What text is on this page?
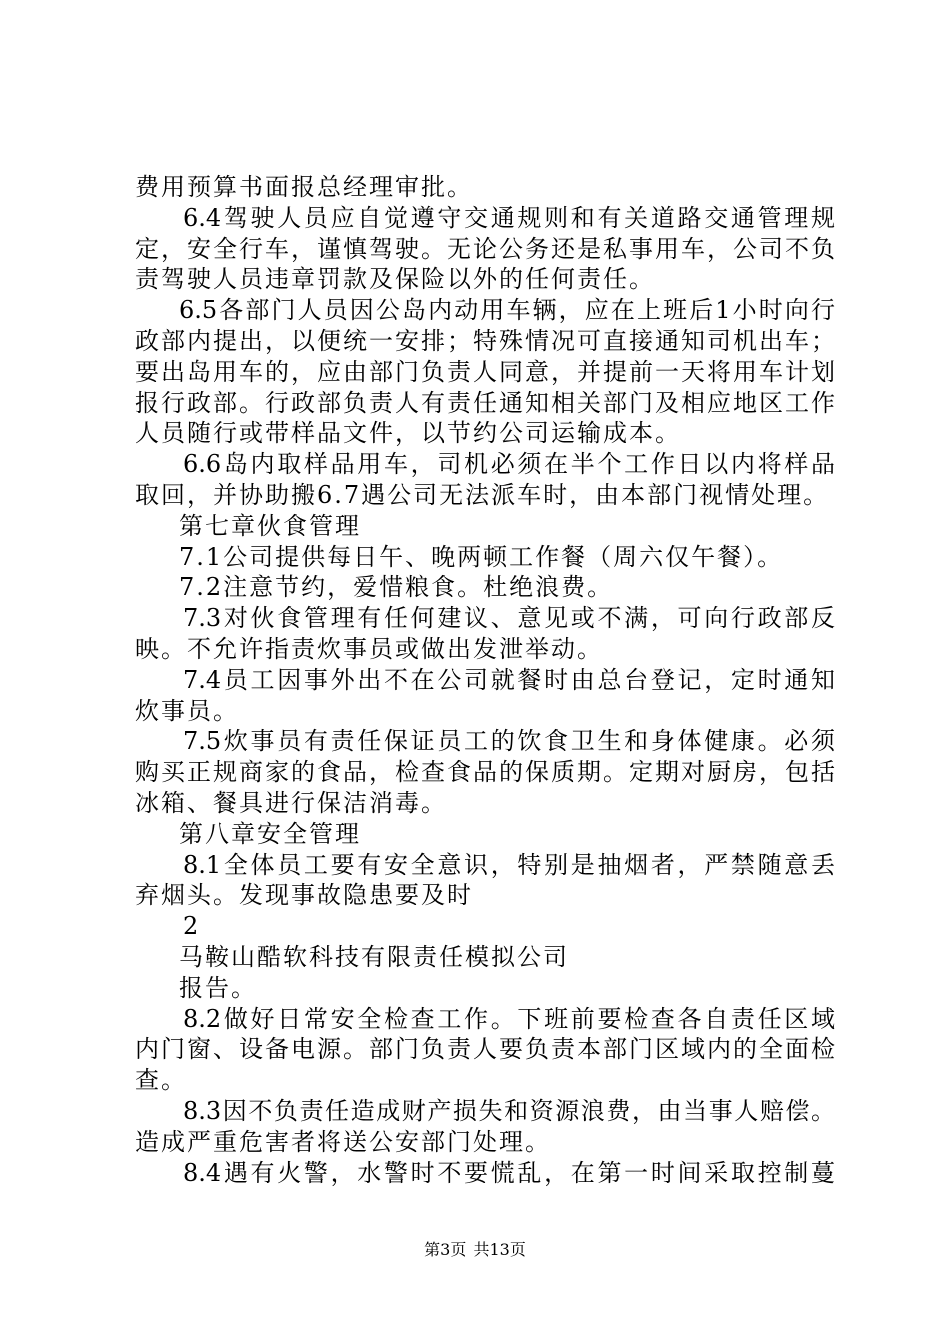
费用预算书面报总经理审批。
6.4驾驶人员应自觉遵守交通规则和有关道路交通管理规
定，安全行车，谨慎驾驶。无论公务还是私事用车，公司不负
责驾驶人员违章罚款及保险以外的任何责任。
6.5各部门人员因公岛内动用车辆，应在上班后1小时向行
政部内提出，以便统一安排；特殊情况可直接通知司机出车；
要出岛用车的，应由部门负责人同意，并提前一天将用车计划
报行政部。行政部负责人有责任通知相关部门及相应地区工作
人员随行或带样品文件，以节约公司运输成本。
6.6岛内取样品用车，司机必须在半个工作日以内将样品
取回，并协助搬6.7遇公司无法派车时，由本部门视情处理。
第七章伙食管理
7.1公司提供每日午、晚两顿工作餐（周六仅午餐）。
7.2注意节约，爱惜粮食。杜绝浪费。
7.3对伙食管理有任何建议、意见或不满，可向行政部反
映。不允许指责炊事员或做出发泄举动。
7.4员工因事外出不在公司就餐时由总台登记，定时通知
炊事员。
7.5炊事员有责任保证员工的饮食卫生和身体健康。必须
购买正规商家的食品，检查食品的保质期。定期对厨房，包括
冰箱、餐具进行保洁消毒。
第八章安全管理
8.1全体员工要有安全意识，特别是抽烟者，严禁随意丢
弃烟头。发现事故隐患要及时
2
马鞍山酷软科技有限责任模拟公司
报告。
8.2做好日常安全检查工作。下班前要检查各自责任区域
内门窗、设备电源。部门负责人要负责本部门区域内的全面检
查。
8.3因不负责任造成财产损失和资源浪费，由当事人赔偿。
造成严重危害者将送公安部门处理。
8.4遇有火警，水警时不要慌乱，在第一时间采取控制蔓
第3页 共13页
